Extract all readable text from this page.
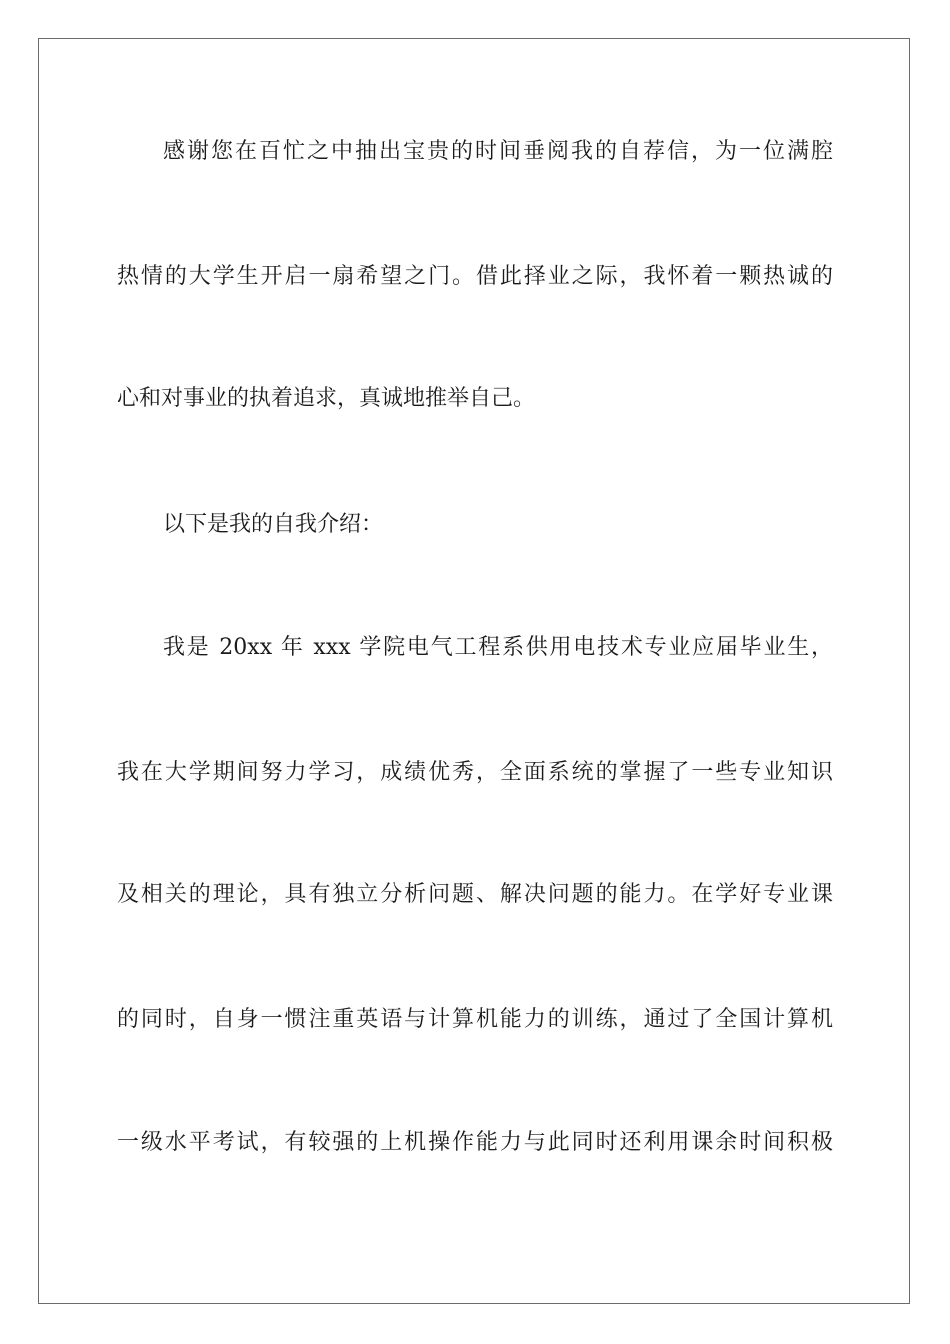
感谢您在百忙之中抽出宝贵的时间垂阅我的自荐信，为一位满腔

热情的大学生开启一扇希望之门。借此择业之际，我怀着一颗热诚的

心和对事业的执着追求，真诚地推举自己。

以下是我的自我介绍：

我是 20xx 年 xxx 学院电气工程系供用电技术专业应届毕业生，

我在大学期间努力学习，成绩优秀，全面系统的掌握了一些专业知识

及相关的理论，具有独立分析问题、解决问题的能力。在学好专业课

的同时，自身一惯注重英语与计算机能力的训练，通过了全国计算机

一级水平考试，有较强的上机操作能力与此同时还利用课余时间积极
